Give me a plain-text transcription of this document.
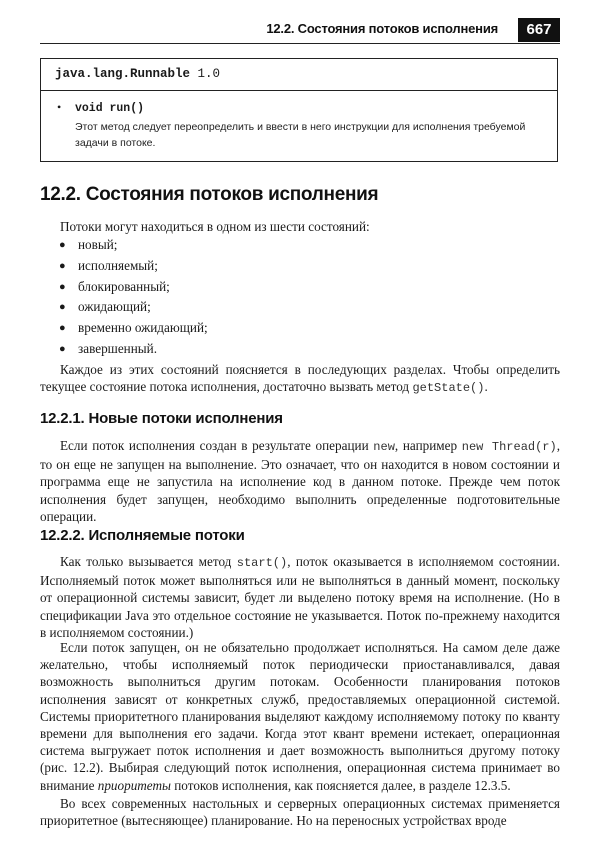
12.2. Состояния потоков исполнения	667
java.lang.Runnable 1.0
• void run()
Этот метод следует переопределить и ввести в него инструкции для исполнения требуемой задачи в потоке.
12.2. Состояния потоков исполнения

Потоки могут находиться в одном из шести состояний:

● новый;
● исполняемый;
● блокированный;
● ожидающий;
● временно ожидающий;
● завершенный.

Каждое из этих состояний поясняется в последующих разделах. Чтобы определить текущее состояние потока исполнения, достаточно вызвать метод getState().

12.2.1. Новые потоки исполнения

Если поток исполнения создан в результате операции new, например new Thread(r), то он еще не запущен на выполнение. Это означает, что он находится в новом состоянии и программа еще не запустила на исполнение код в данном потоке. Прежде чем поток исполнения будет запущен, необходимо выполнить определенные подготовительные операции.

12.2.2. Исполняемые потоки

Как только вызывается метод start(), поток оказывается в исполняемом состоянии. Исполняемый поток может выполняться или не выполняться в данный момент, поскольку от операционной системы зависит, будет ли выделено потоку время на исполнение. (Но в спецификации Java это отдельное состояние не указывается. Поток по-прежнему находится в исполняемом состоянии.)

Если поток запущен, он не обязательно продолжает исполняться. На самом деле даже желательно, чтобы исполняемый поток периодически приостанавливался, давая возможность выполниться другим потокам. Особенности планирования потоков исполнения зависят от конкретных служб, предоставляемых операционной системой. Системы приоритетного планирования выделяют каждому исполняемому потоку по кванту времени для выполнения его задачи. Когда этот квант времени истекает, операционная система выгружает поток исполнения и дает возможность выполниться другому потоку (рис. 12.2). Выбирая следующий поток исполнения, операционная система принимает во внимание приоритеты потоков исполнения, как поясняется далее, в разделе 12.3.5.

Во всех современных настольных и серверных операционных системах применяется приоритетное (вытесняющее) планирование. Но на переносных устройствах вроде
